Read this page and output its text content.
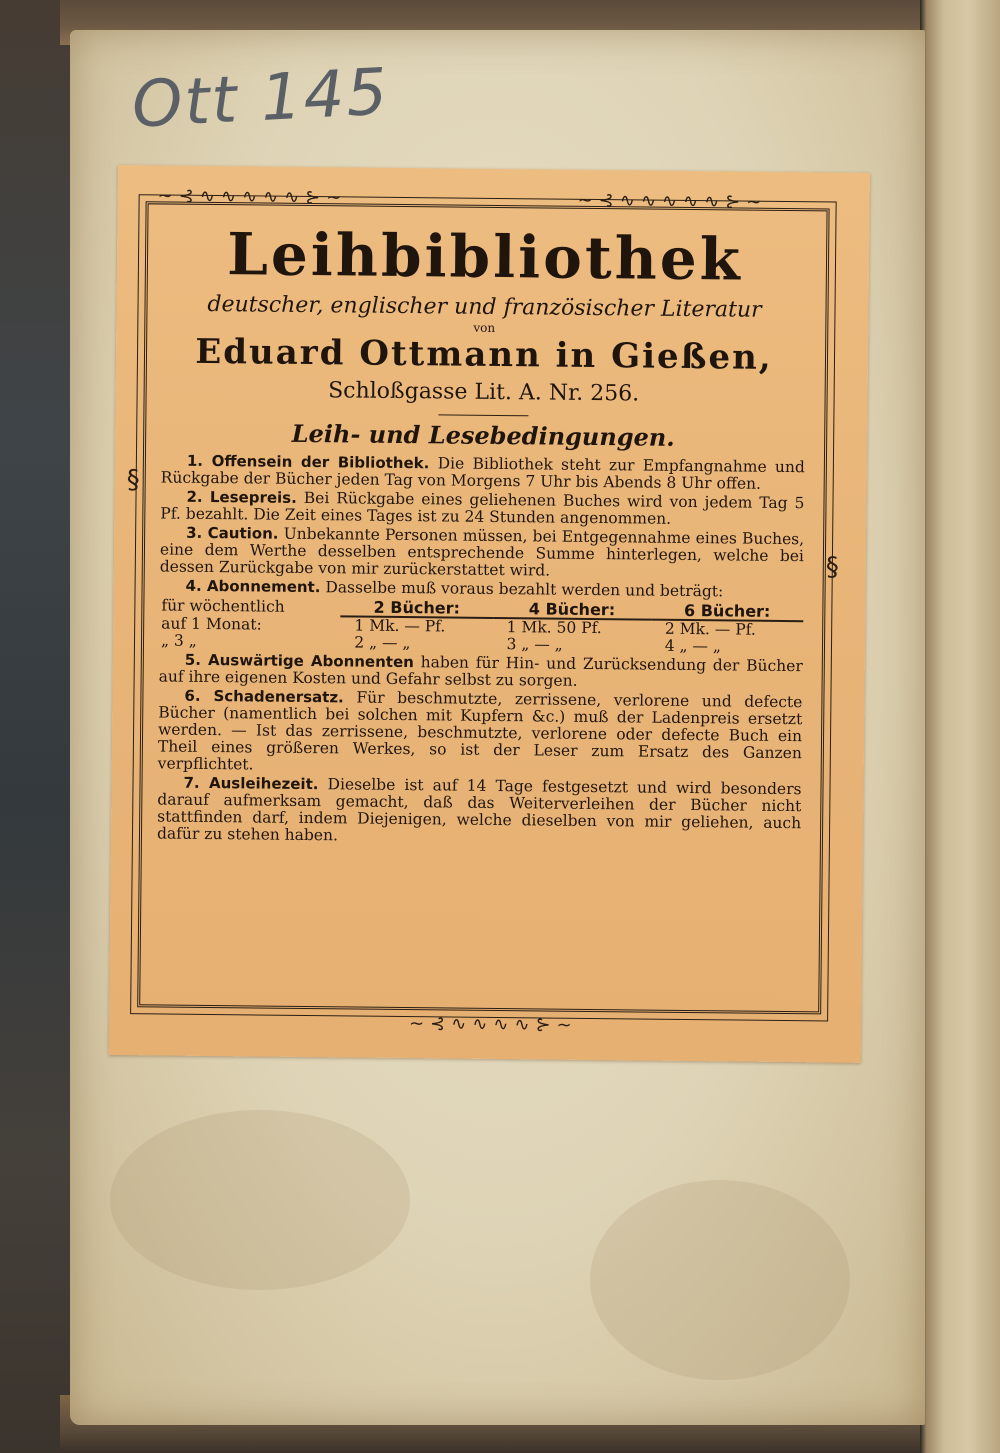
Ott 145
~⊰∿∿∿∿∿⊱~	~⊰∿∿∿∿∿⊱~
§
§
~⊰∿∿∿∿⊱~
Leihbibliothek
deutscher, englischer und französischer Literatur
von
Eduard Ottmann in Gießen,
Schloßgasse Lit. A. Nr. 256.
Leih- und Lesebedingungen.

1. Offensein der Bibliothek. Die Bibliothek steht zur Empfangnahme und Rückgabe der Bücher jeden Tag von Morgens 7 Uhr bis Abends 8 Uhr offen.

2. Lesepreis. Bei Rückgabe eines geliehenen Buches wird von jedem Tag 5 Pf. bezahlt. Die Zeit eines Tages ist zu 24 Stunden angenommen.

3. Caution. Unbekannte Personen müssen, bei Entgegennahme eines Buches, eine dem Werthe desselben entsprechende Summe hinterlegen, welche bei dessen Zurückgabe von mir zurückerstattet wird.

4. Abonnement. Dasselbe muß voraus bezahlt werden und beträgt:

für wöchentlich	2 Bücher:	4 Bücher:	6 Bücher:
auf 1 Monat:	1 Mk. — Pf.	1 Mk. 50 Pf.	2 Mk. — Pf.
„ 3 „	2 „ — „	3 „ — „	4 „ — „

5. Auswärtige Abonnenten haben für Hin- und Zurücksendung der Bücher auf ihre eigenen Kosten und Gefahr selbst zu sorgen.

6. Schadenersatz. Für beschmutzte, zerrissene, verlorene und defecte Bücher (namentlich bei solchen mit Kupfern &c.) muß der Ladenpreis ersetzt werden. — Ist das zerrissene, beschmutzte, verlorene oder defecte Buch ein Theil eines größeren Werkes, so ist der Leser zum Ersatz des Ganzen verpflichtet.

7. Ausleihezeit. Dieselbe ist auf 14 Tage festgesetzt und wird besonders darauf aufmerksam gemacht, daß das Weiterverleihen der Bücher nicht stattfinden darf, indem Diejenigen, welche dieselben von mir geliehen, auch dafür zu stehen haben.
